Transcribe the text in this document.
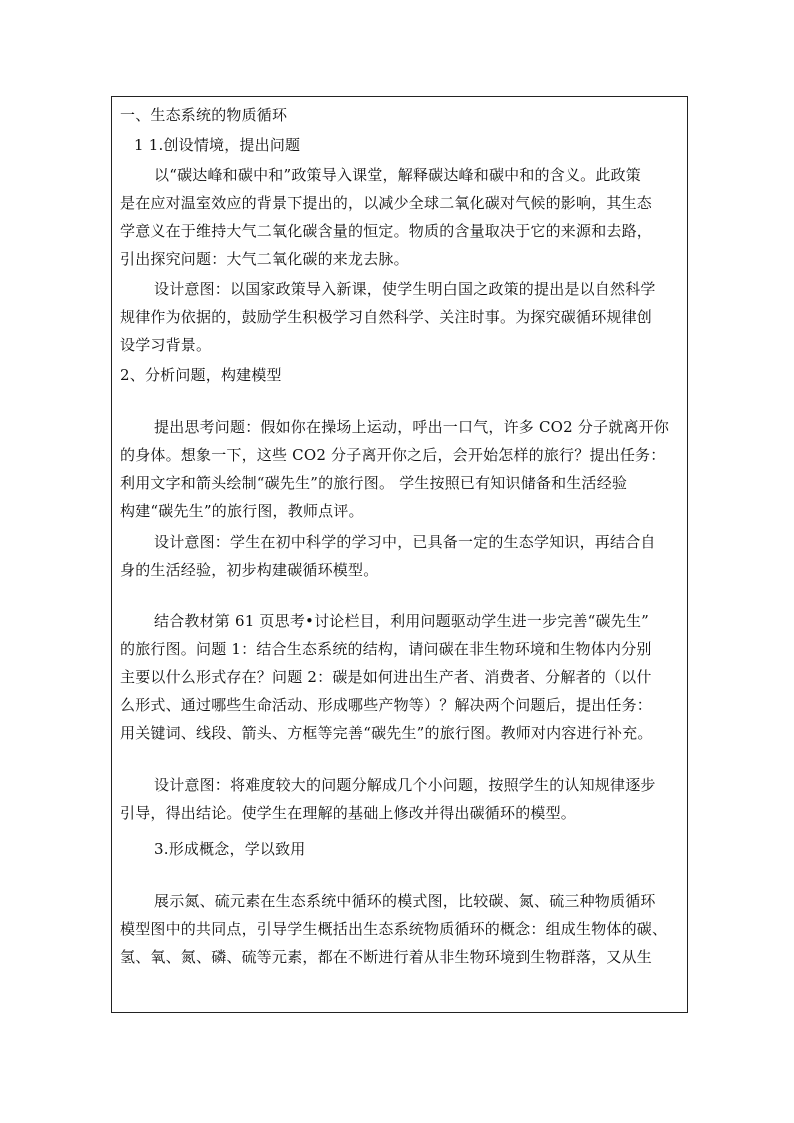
一、生态系统的物质循环
1 1.创设情境，提出问题
以“碳达峰和碳中和”政策导入课堂，解释碳达峰和碳中和的含义。此政策
是在应对温室效应的背景下提出的，以减少全球二氧化碳对气候的影响，其生态
学意义在于维持大气二氧化碳含量的恒定。物质的含量取决于它的来源和去路，
引出探究问题：大气二氧化碳的来龙去脉。
设计意图：以国家政策导入新课，使学生明白国之政策的提出是以自然科学
规律作为依据的，鼓励学生积极学习自然科学、关注时事。为探究碳循环规律创
设学习背景。
2、分析问题，构建模型
提出思考问题：假如你在操场上运动，呼出一口气，许多 CO2 分子就离开你
的身体。想象一下，这些 CO2 分子离开你之后，会开始怎样的旅行？提出任务：
利用文字和箭头绘制“碳先生”的旅行图。 学生按照已有知识储备和生活经验
构建“碳先生”的旅行图，教师点评。
设计意图：学生在初中科学的学习中，已具备一定的生态学知识，再结合自
身的生活经验，初步构建碳循环模型。
结合教材第 61 页思考•讨论栏目，利用问题驱动学生进一步完善“碳先生”
的旅行图。问题 1：结合生态系统的结构，请问碳在非生物环境和生物体内分别
主要以什么形式存在？问题 2：碳是如何进出生产者、消费者、分解者的（以什
么形式、通过哪些生命活动、形成哪些产物等）？解决两个问题后，提出任务：
用关键词、线段、箭头、方框等完善“碳先生”的旅行图。教师对内容进行补充。
设计意图：将难度较大的问题分解成几个小问题，按照学生的认知规律逐步
引导，得出结论。使学生在理解的基础上修改并得出碳循环的模型。
3.形成概念，学以致用
展示氮、硫元素在生态系统中循环的模式图，比较碳、氮、硫三种物质循环
模型图中的共同点，引导学生概括出生态系统物质循环的概念：组成生物体的碳、
氢、氧、氮、磷、硫等元素，都在不断进行着从非生物环境到生物群落，又从生
